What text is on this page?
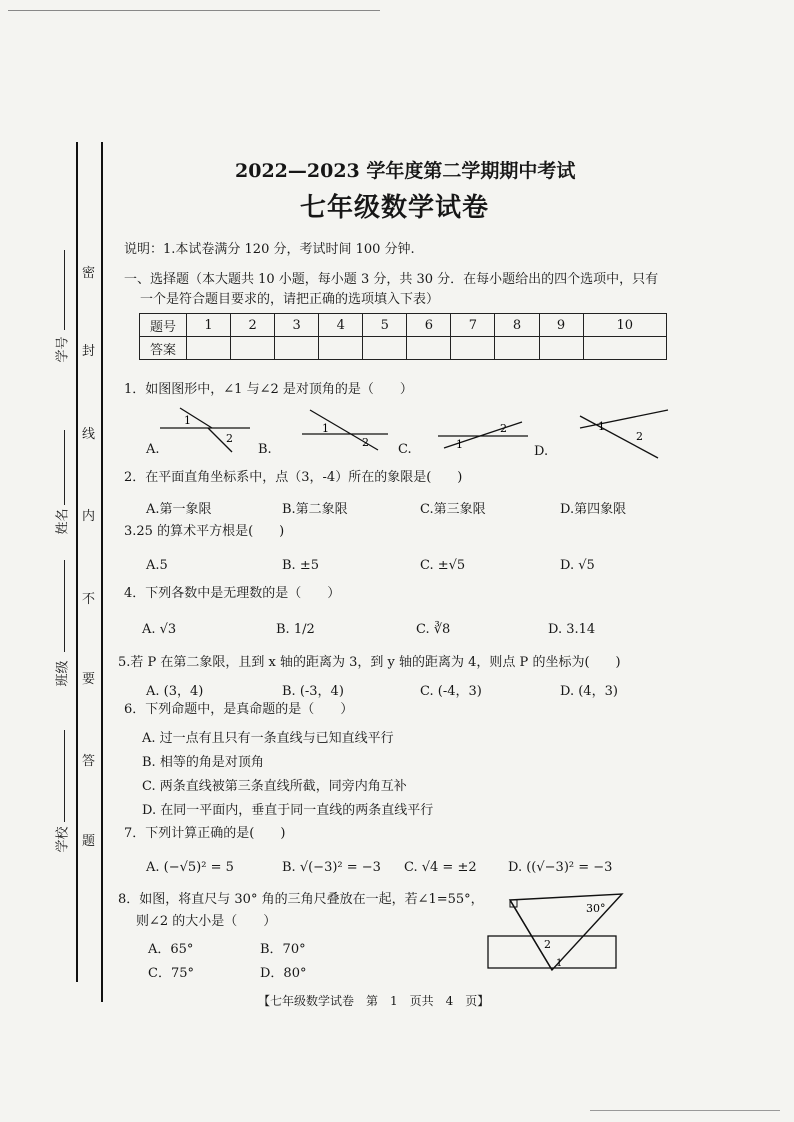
密
封
线
内
不
要
答
题
学号
姓名
班级
学校
2022—2023 学年度第二学期期中考试
七年级数学试卷
说明：1.本试卷满分 120 分，考试时间 100 分钟.
一、选择题（本大题共 10 小题，每小题 3 分，共 30 分．在每小题给出的四个选项中，只有
一个是符合题目要求的，请把正确的选项填入下表）
题号	1	2	3	4	5	6	7	8	9	10
答案										
1．如图图形中，∠1 与∠2 是对顶角的是（　　）
A.	B.	C.	D.
1
2
1
2	1
2	1
2
2．在平面直角坐标系中，点（3，-4）所在的象限是(　　)
A.第一象限	B.第二象限	C.第三象限	D.第四象限
3.25 的算术平方根是(　　)
A.5	B. ±5	C. ±√5	D. √5
4．下列各数中是无理数的是（　　）
A. √3	B. 1/2	C. ∛8	D. 3.14
5.若 P 在第二象限，且到 x 轴的距离为 3，到 y 轴的距离为 4，则点 P 的坐标为(　　)
A. (3，4)	B. (-3，4)	C. (-4，3)	D. (4，3)
6．下列命题中，是真命题的是（　　）
A. 过一点有且只有一条直线与已知直线平行
B. 相等的角是对顶角
C. 两条直线被第三条直线所截，同旁内角互补
D. 在同一平面内，垂直于同一直线的两条直线平行
7．下列计算正确的是(　　)
A. (−√5)² = 5	B. √(−3)² = −3 C. √4 = ±2 D. ((√−3)² = −3
8．如图，将直尺与 30° 角的三角尺叠放在一起，若∠1=55°，
则∠2 的大小是（　　）
A．65°	B．70°
C．75°	D．80°
30°
2
1
【七年级数学试卷　第　1　页共　4　页】
